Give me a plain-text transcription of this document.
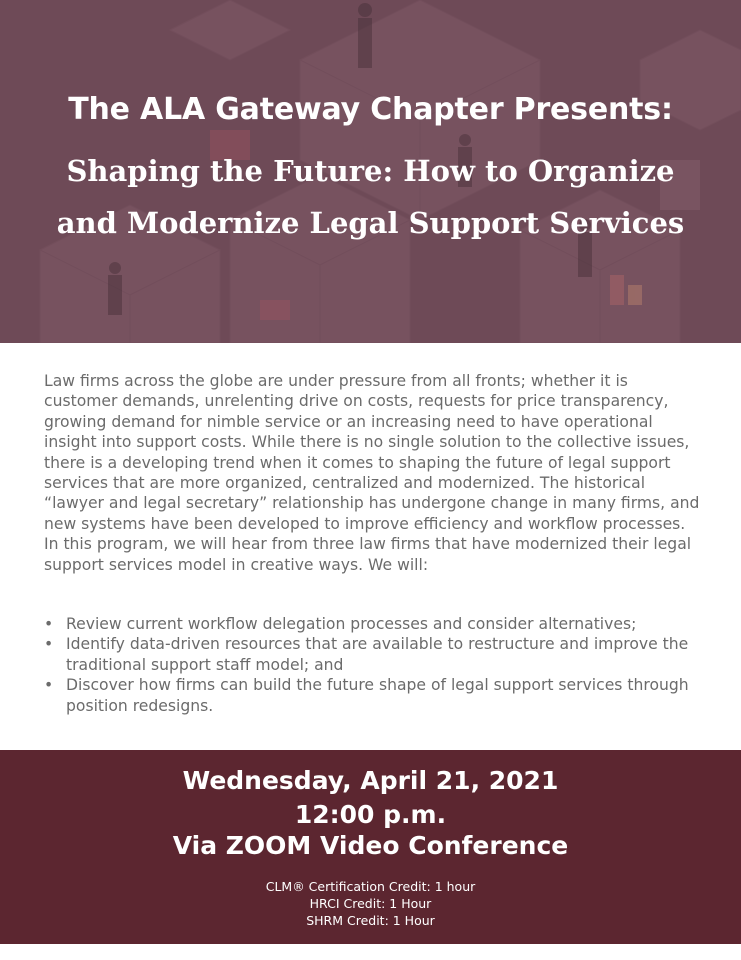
The ALA Gateway Chapter Presents:
Shaping the Future: How to Organize
and Modernize Legal Support Services

Law firms across the globe are under pressure from all fronts; whether it is customer demands, unrelenting drive on costs, requests for price transparency, growing demand for nimble service or an increasing need to have operational insight into support costs. While there is no single solution to the collective issues, there is a developing trend when it comes to shaping the future of legal support services that are more organized, centralized and modernized. The historical “lawyer and legal secretary” relationship has undergone change in many firms, and new systems have been developed to improve efficiency and workflow processes. In this program, we will hear from three law firms that have modernized their legal support services model in creative ways. We will:

• Review current workflow delegation processes and consider alternatives;
• Identify data-driven resources that are available to restructure and improve the traditional support staff model; and
• Discover how firms can build the future shape of legal support services through position redesigns.
Wednesday, April 21, 2021
12:00 p.m.
Via ZOOM Video Conference
CLM® Certification Credit: 1 hour
HRCI Credit: 1 Hour
SHRM Credit: 1 Hour
